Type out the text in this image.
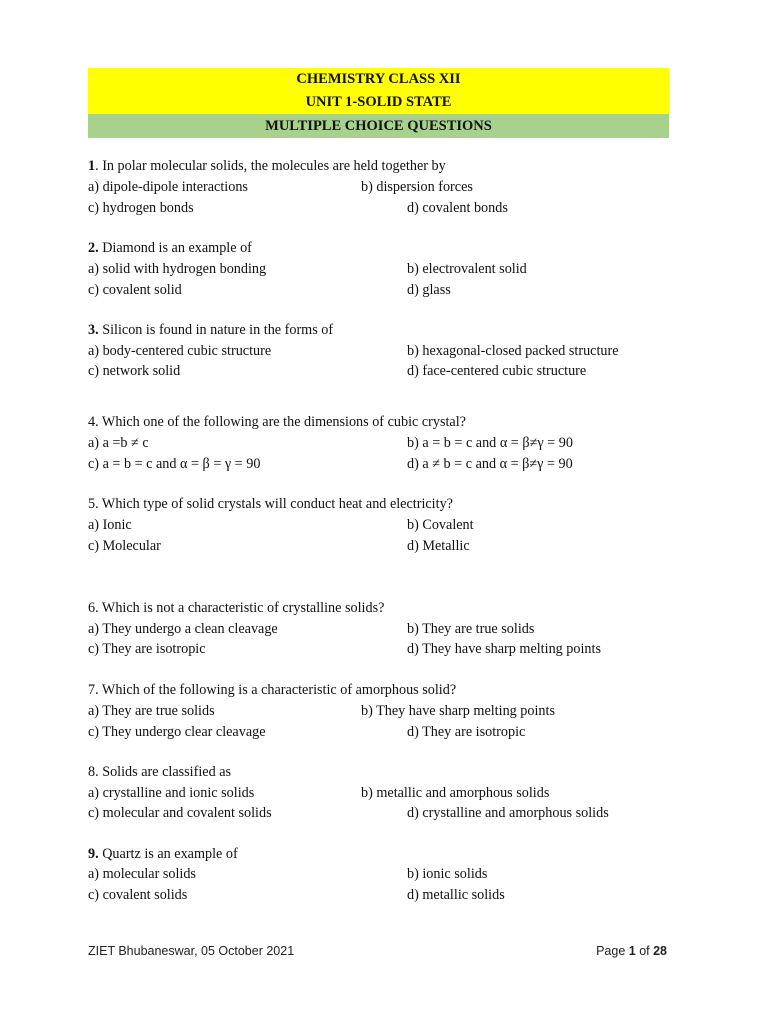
CHEMISTRY CLASS XII
UNIT 1-SOLID STATE
MULTIPLE CHOICE QUESTIONS
1. In polar molecular solids, the molecules are held together by
a) dipole-dipole interactions	b) dispersion forces
c) hydrogen bonds	d) covalent bonds
2. Diamond is an example of
a) solid with hydrogen bonding	b) electrovalent solid
c) covalent solid	d) glass
3. Silicon is found in nature in the forms of
a) body-centered cubic structure	b) hexagonal-closed packed structure
c) network solid	d) face-centered cubic structure
4. Which one of the following are the dimensions of cubic crystal?
a) a =b ≠ c	b) a = b = c and α = β≠γ = 90
c) a = b = c and α = β = γ = 90	d) a ≠ b = c and α = β≠γ = 90
5. Which type of solid crystals will conduct heat and electricity?
a) Ionic	b) Covalent
c) Molecular	d) Metallic
6. Which is not a characteristic of crystalline solids?
a) They undergo a clean cleavage	b) They are true solids
c) They are isotropic	d) They have sharp melting points
7. Which of the following is a characteristic of amorphous solid?
a) They are true solids	b) They have sharp melting points
c) They undergo clear cleavage	d) They are isotropic
8. Solids are classified as
a) crystalline and ionic solids	b) metallic and amorphous solids
c) molecular and covalent solids	d) crystalline and amorphous solids
9. Quartz is an example of
a) molecular solids	b) ionic solids
c) covalent solids	d) metallic solids
ZIET Bhubaneswar, 05 October 2021	Page 1 of 28
